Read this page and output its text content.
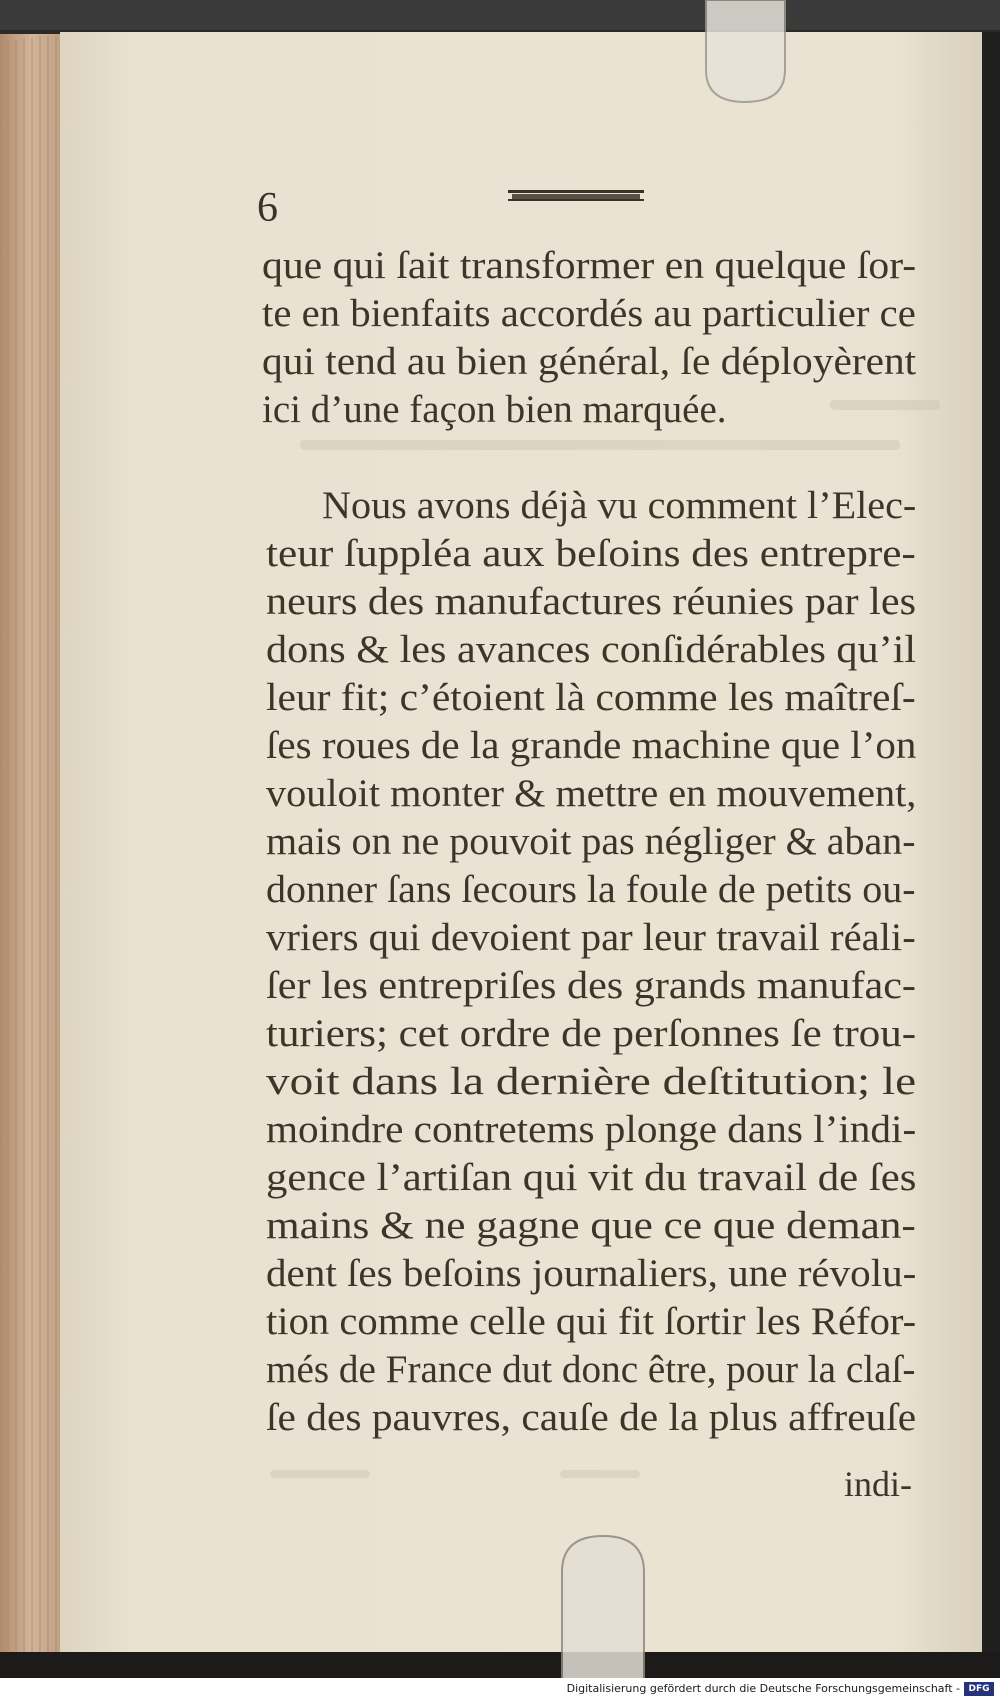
6
que qui ſait transformer en quelque ſor-
te en bienfaits accordés au particulier ce
qui tend au bien général, ſe déployèrent
ici d’une façon bien marquée.
Nous avons déjà vu comment l’Elec-
teur ſuppléa aux beſoins des entrepre-
neurs des manufactures réunies par les
dons & les avances conſidérables qu’il
leur fit; c’étoient là comme les maîtreſ-
ſes roues de la grande machine que l’on
vouloit monter & mettre en mouvement,
mais on ne pouvoit pas négliger & aban-
donner ſans ſecours la foule de petits ou-
vriers qui devoient par leur travail réali-
ſer les entrepriſes des grands manufac-
turiers; cet ordre de perſonnes ſe trou-
voit dans la dernière deſtitution; le
moindre contretems plonge dans l’indi-
gence l’artiſan qui vit du travail de ſes
mains & ne gagne que ce que deman-
dent ſes beſoins journaliers, une révolu-
tion comme celle qui fit ſortir les Réfor-
més de France dut donc être, pour la claſ-
ſe des pauvres, cauſe de la plus affreuſe
indi-
Digitalisierung gefördert durch die Deutsche Forschungsgemeinschaft - DFG
